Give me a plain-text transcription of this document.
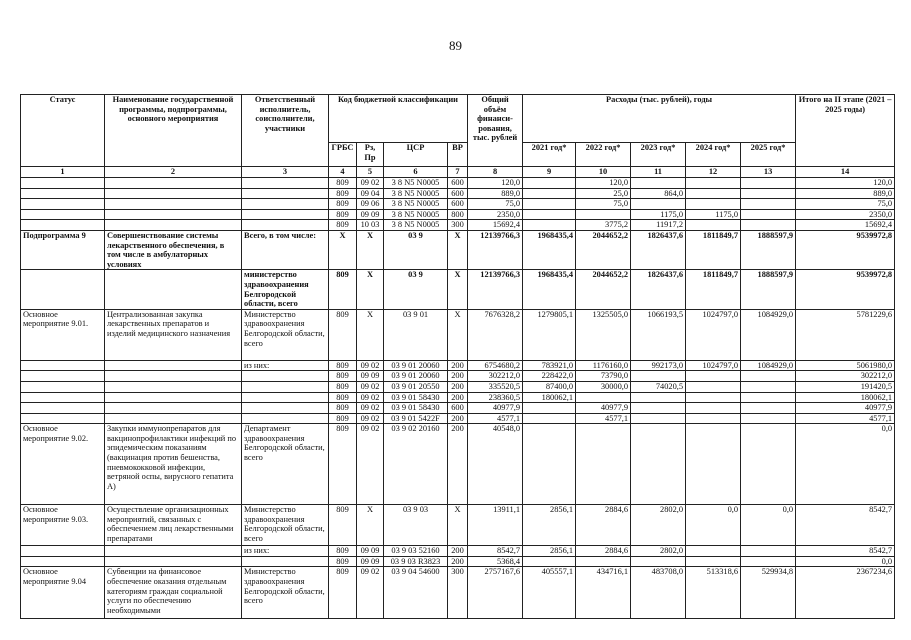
89
Статус	Наименование государственной программы, подпрограммы, основного мероприятия	Ответственный исполнитель, соисполнители, участники	Код бюджетной классификации				Общий объём финанси- рования, тыс. рублей	Расходы (тыс. рублей), годы					Итого на II этапе (2021 – 2025 годы)
			ГРБС	Рз, Пр	ЦСР	ВР		2021 год*	2022 год*	2023 год*	2024 год*	2025 год*	
1	2	3	4	5	6	7	8	9	10	11	12	13	14
			809	09 02	3 8 N5 N0005	600	120,0		120,0				120,0
			809	09 04	3 8 N5 N0005	600	889,0		25,0	864,0			889,0
			809	09 06	3 8 N5 N0005	600	75,0		75,0				75,0
			809	09 09	3 8 N5 N0005	800	2350,0			1175,0	1175,0		2350,0
			809	10 03	3 8 N5 N0005	300	15692,4		3775,2	11917,2			15692,4
Подпрограмма 9	Совершенствование системы лекарственного обеспечения, в том числе в амбулаторных условиях	Всего, в том числе:	X	X	03 9	X	12139766,3	1968435,4	2044652,2	1826437,6	1811849,7	1888597,9	9539972,8
		министерство здравоохранения Белгородской области, всего	809	X	03 9	X	12139766,3	1968435,4	2044652,2	1826437,6	1811849,7	1888597,9	9539972,8
Основное мероприятие 9.01.	Централизованная закупка лекарственных препаратов и изделий медицинского назначения	Министерство здравоохранения Белгородской области, всего	809	X	03 9 01	X	7676328,2	1279805,1	1325505,0	1066193,5	1024797,0	1084929,0	5781229,6
		из них:	809	09 02	03 9 01 20060	200	6754680,2	783921,0	1176160,0	992173,0	1024797,0	1084929,0	5061980,0
			809	09 09	03 9 01 20060	200	302212,0	228422,0	73790,0				302212,0
			809	09 02	03 9 01 20550	200	335520,5	87400,0	30000,0	74020,5			191420,5
			809	09 02	03 9 01 58430	200	238360,5	180062,1					180062,1
			809	09 02	03 9 01 58430	600	40977,9		40977,9				40977,9
			809	09 02	03 9 01 5422F	200	4577,1		4577,1				4577,1
Основное мероприятие 9.02.	Закупки иммунопрепаратов для вакцинопрофилактики инфекций по эпидемическим показаниям (вакцинация против бешенства, пневмококковой инфекции, ветряной оспы, вирусного гепатита А)	Департамент здравоохранения Белгородской области, всего	809	09 02	03 9 02 20160	200	40548,0						0,0
Основное мероприятие 9.03.	Осуществление организационных мероприятий, связанных с обеспечением лиц лекарственными препаратами	Министерство здравоохранения Белгородской области, всего	809	X	03 9 03	X	13911,1	2856,1	2884,6	2802,0	0,0	0,0	8542,7
		из них:	809	09 09	03 9 03 52160	200	8542,7	2856,1	2884,6	2802,0			8542,7
			809	09 09	03 9 03 R3823	200	5368,4						0,0
Основное мероприятие 9.04	Субвенции на финансовое обеспечение оказания отдельным категориям граждан социальной услуги по обеспечению необходимыми	Министерство здравоохранения Белгородской области, всего	809	09 02	03 9 04 54600	300	2757167,6	405557,1	434716,1	483708,0	513318,6	529934,8	2367234,6
